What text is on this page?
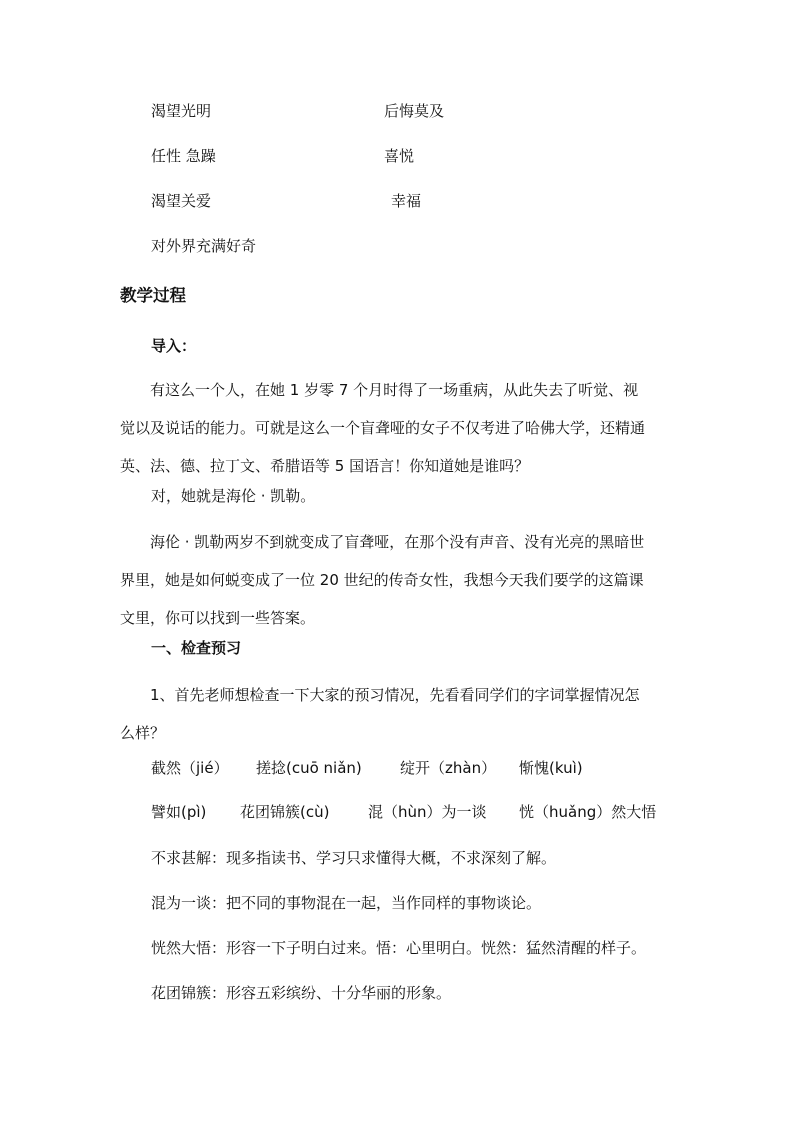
渴望光明	后悔莫及
任性 急躁	喜悦
渴望关爱	幸福
对外界充满好奇
教学过程
导入：
有这么一个人，在她 1 岁零 7 个月时得了一场重病，从此失去了听觉、视觉以及说话的能力。可就是这么一个盲聋哑的女子不仅考进了哈佛大学，还精通英、法、德、拉丁文、希腊语等 5 国语言！你知道她是谁吗？
对，她就是海伦 · 凯勒。
海伦 · 凯勒两岁不到就变成了盲聋哑，在那个没有声音、没有光亮的黑暗世界里，她是如何蜕变成了一位 20 世纪的传奇女性，我想今天我们要学的这篇课文里，你可以找到一些答案。
一、检查预习
1、首先老师想检查一下大家的预习情况，先看看同学们的字词掌握情况怎么样？
截然（jié） 搓捻(cuō niǎn)	绽开（zhàn） 惭愧(kuì)
譬如(pì) 花团锦簇(cù)	混（hùn）为一谈 恍（huǎng）然大悟
不求甚解：现多指读书、学习只求懂得大概，不求深刻了解。
混为一谈：把不同的事物混在一起，当作同样的事物谈论。
恍然大悟：形容一下子明白过来。悟：心里明白。恍然：猛然清醒的样子。
花团锦簇：形容五彩缤纷、十分华丽的形象。
